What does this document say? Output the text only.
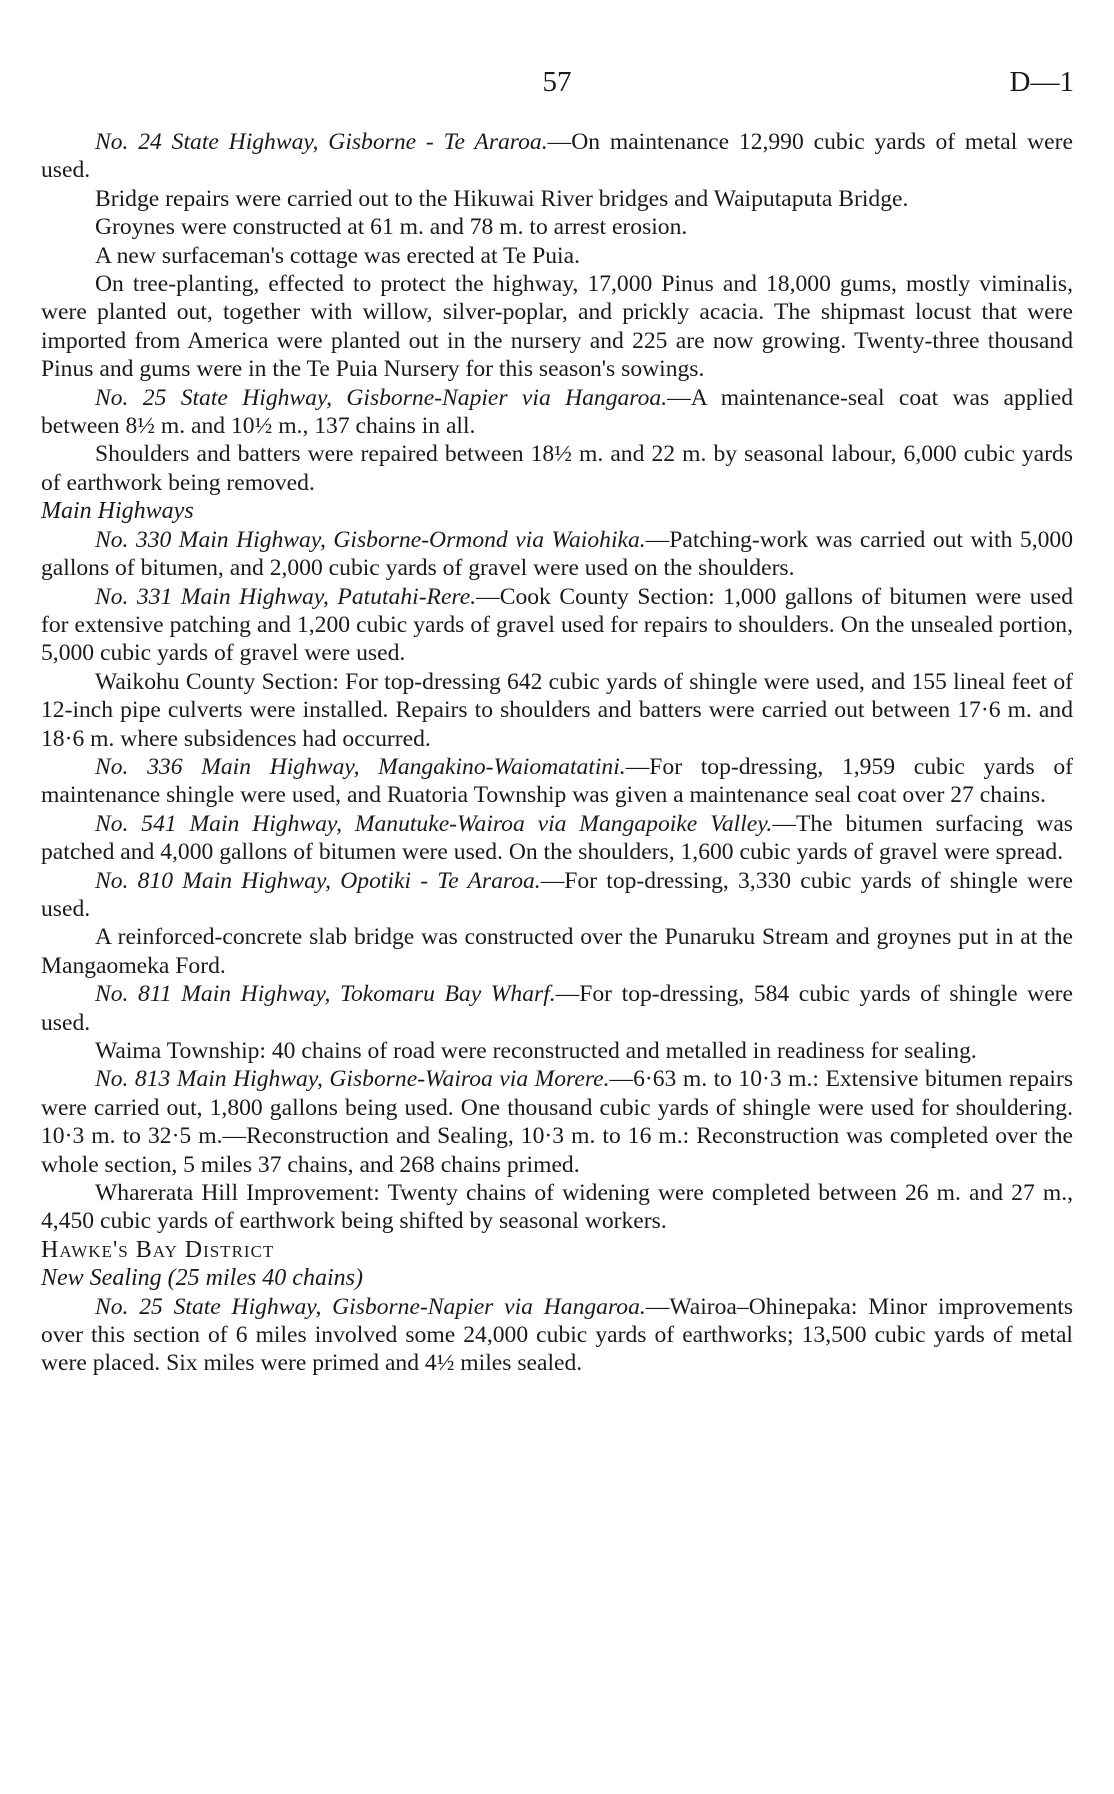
57	D—1

No. 24 State Highway, Gisborne - Te Araroa.—On maintenance 12,990 cubic yards of metal were used.

Bridge repairs were carried out to the Hikuwai River bridges and Waiputaputa Bridge.

Groynes were constructed at 61 m. and 78 m. to arrest erosion.

A new surfaceman's cottage was erected at Te Puia.

On tree-planting, effected to protect the highway, 17,000 Pinus and 18,000 gums, mostly viminalis, were planted out, together with willow, silver-poplar, and prickly acacia. The shipmast locust that were imported from America were planted out in the nursery and 225 are now growing. Twenty-three thousand Pinus and gums were in the Te Puia Nursery for this season's sowings.

No. 25 State Highway, Gisborne-Napier via Hangaroa.—A maintenance-seal coat was applied between 8½ m. and 10½ m., 137 chains in all.

Shoulders and batters were repaired between 18½ m. and 22 m. by seasonal labour, 6,000 cubic yards of earthwork being removed.

Main Highways

No. 330 Main Highway, Gisborne-Ormond via Waiohika.—Patching-work was carried out with 5,000 gallons of bitumen, and 2,000 cubic yards of gravel were used on the shoulders.

No. 331 Main Highway, Patutahi-Rere.—Cook County Section: 1,000 gallons of bitumen were used for extensive patching and 1,200 cubic yards of gravel used for repairs to shoulders. On the unsealed portion, 5,000 cubic yards of gravel were used.

Waikohu County Section: For top-dressing 642 cubic yards of shingle were used, and 155 lineal feet of 12-inch pipe culverts were installed. Repairs to shoulders and batters were carried out between 17·6 m. and 18·6 m. where subsidences had occurred.

No. 336 Main Highway, Mangakino-Waiomatatini.—For top-dressing, 1,959 cubic yards of maintenance shingle were used, and Ruatoria Township was given a maintenance seal coat over 27 chains.

No. 541 Main Highway, Manutuke-Wairoa via Mangapoike Valley.—The bitumen surfacing was patched and 4,000 gallons of bitumen were used. On the shoulders, 1,600 cubic yards of gravel were spread.

No. 810 Main Highway, Opotiki - Te Araroa.—For top-dressing, 3,330 cubic yards of shingle were used.

A reinforced-concrete slab bridge was constructed over the Punaruku Stream and groynes put in at the Mangaomeka Ford.

No. 811 Main Highway, Tokomaru Bay Wharf.—For top-dressing, 584 cubic yards of shingle were used.

Waima Township: 40 chains of road were reconstructed and metalled in readiness for sealing.

No. 813 Main Highway, Gisborne-Wairoa via Morere.—6·63 m. to 10·3 m.: Extensive bitumen repairs were carried out, 1,800 gallons being used. One thousand cubic yards of shingle were used for shouldering. 10·3 m. to 32·5 m.—Reconstruction and Sealing, 10·3 m. to 16 m.: Reconstruction was completed over the whole section, 5 miles 37 chains, and 268 chains primed.

Wharerata Hill Improvement: Twenty chains of widening were completed between 26 m. and 27 m., 4,450 cubic yards of earthwork being shifted by seasonal workers.

Hawke's Bay District

New Sealing (25 miles 40 chains)

No. 25 State Highway, Gisborne-Napier via Hangaroa.—Wairoa–Ohinepaka: Minor improvements over this section of 6 miles involved some 24,000 cubic yards of earthworks; 13,500 cubic yards of metal were placed. Six miles were primed and 4½ miles sealed.
